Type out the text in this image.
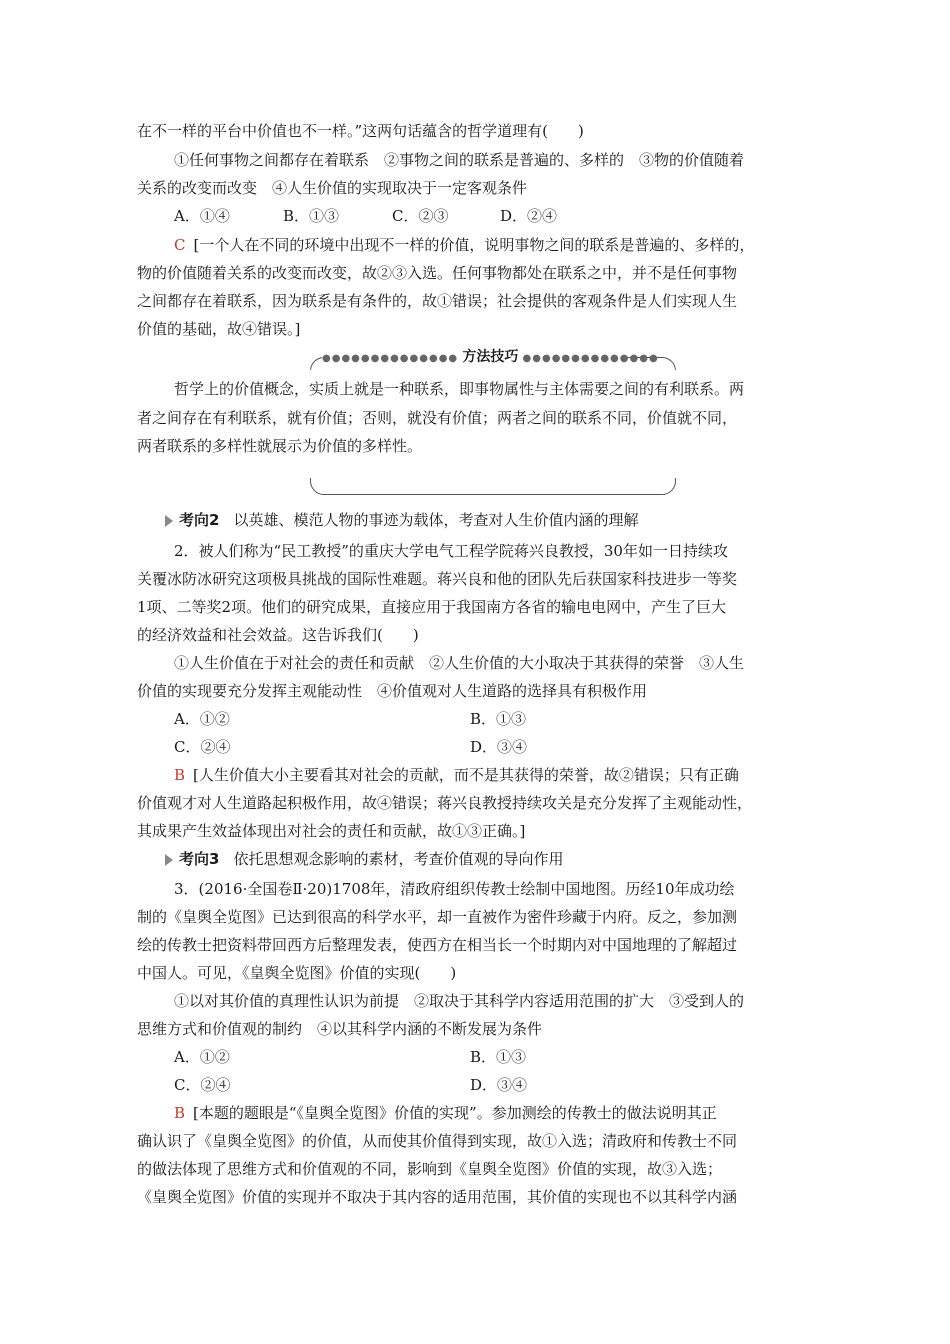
在不一样的平台中价值也不一样。”这两句话蕴含的哲学道理有(　　)
①任何事物之间都存在着联系　②事物之间的联系是普遍的、多样的　③物的价值随着
关系的改变而改变　④人生价值的实现取决于一定客观条件
A．①④	B．①③	C．②③	D．②④
C [一个人在不同的环境中出现不一样的价值，说明事物之间的联系是普遍的、多样的，
物的价值随着关系的改变而改变，故②③入选。任何事物都处在联系之中，并不是任何事物
之间都存在着联系，因为联系是有条件的，故①错误；社会提供的客观条件是人们实现人生
价值的基础，故④错误。]
●●●●●●●●●●●●●● 方法技巧 ●●●●●●●●●●●●●●
哲学上的价值概念，实质上就是一种联系，即事物属性与主体需要之间的有利联系。两
者之间存在有利联系，就有价值；否则，就没有价值；两者之间的联系不同，价值就不同，
两者联系的多样性就展示为价值的多样性。
考向2 以英雄、模范人物的事迹为载体，考查对人生价值内涵的理解
2．被人们称为“民工教授”的重庆大学电气工程学院蒋兴良教授，30年如一日持续攻
关覆冰防冰研究这项极具挑战的国际性难题。蒋兴良和他的团队先后获国家科技进步一等奖
1项、二等奖2项。他们的研究成果，直接应用于我国南方各省的输电电网中，产生了巨大
的经济效益和社会效益。这告诉我们(　　)
①人生价值在于对社会的责任和贡献　②人生价值的大小取决于其获得的荣誉　③人生
价值的实现要充分发挥主观能动性　④价值观对人生道路的选择具有积极作用
A．①②	B．①③
C．②④	D．③④
B [人生价值大小主要看其对社会的贡献，而不是其获得的荣誉，故②错误；只有正确
价值观才对人生道路起积极作用，故④错误；蒋兴良教授持续攻关是充分发挥了主观能动性，
其成果产生效益体现出对社会的责任和贡献，故①③正确。]
考向3 依托思想观念影响的素材，考查价值观的导向作用
3．(2016·全国卷Ⅱ·20)1708年，清政府组织传教士绘制中国地图。历经10年成功绘
制的《皇舆全览图》已达到很高的科学水平，却一直被作为密件珍藏于内府。反之，参加测
绘的传教士把资料带回西方后整理发表，使西方在相当长一个时期内对中国地理的了解超过
中国人。可见，《皇舆全览图》价值的实现(　　)
①以对其价值的真理性认识为前提　②取决于其科学内容适用范围的扩大　③受到人的
思维方式和价值观的制约　④以其科学内涵的不断发展为条件
A．①②	B．①③
C．②④	D．③④
B [本题的题眼是“《皇舆全览图》价值的实现”。参加测绘的传教士的做法说明其正
确认识了《皇舆全览图》的价值，从而使其价值得到实现，故①入选；清政府和传教士不同
的做法体现了思维方式和价值观的不同，影响到《皇舆全览图》价值的实现，故③入选；
《皇舆全览图》价值的实现并不取决于其内容的适用范围，其价值的实现也不以其科学内涵
